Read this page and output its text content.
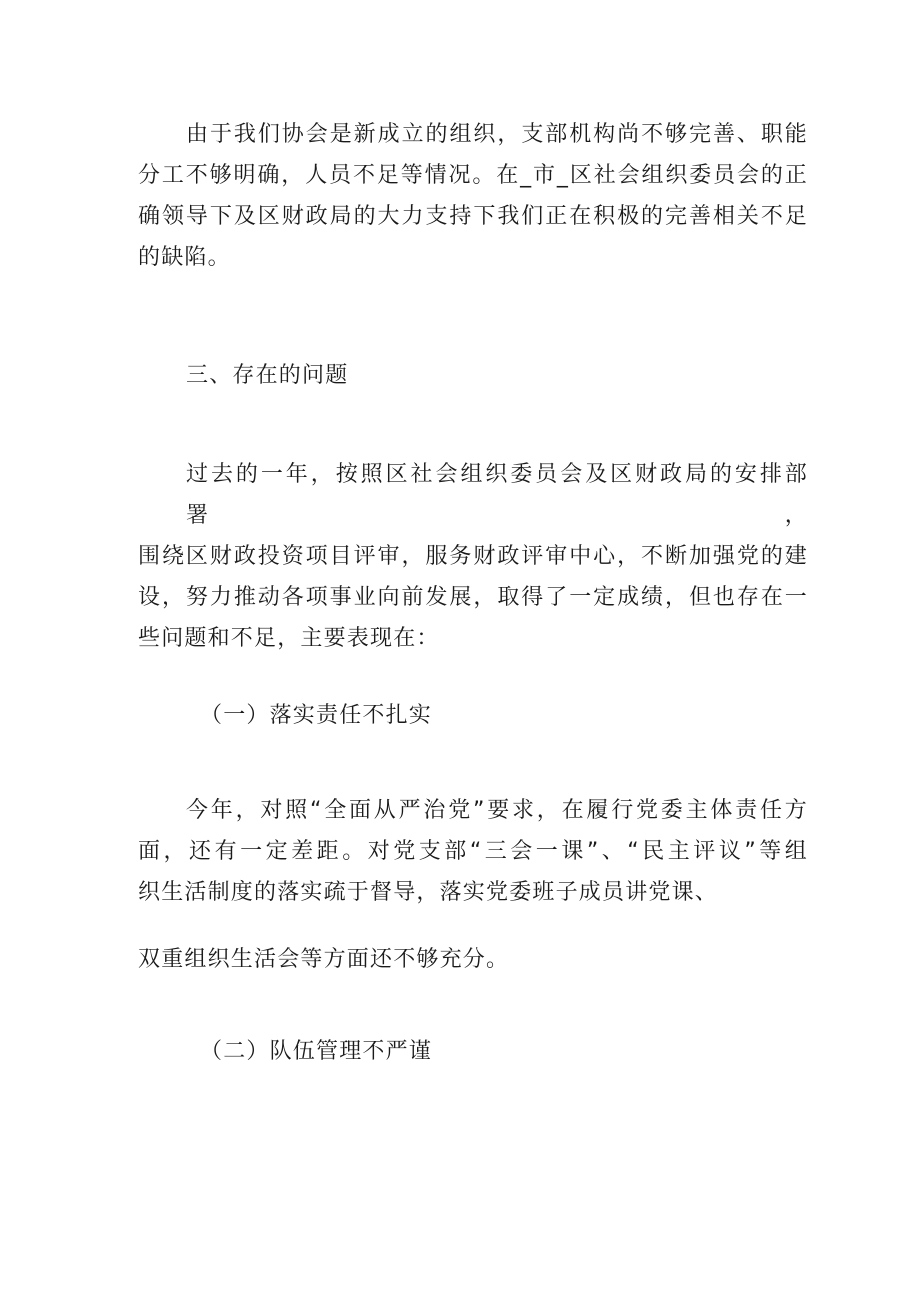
由于我们协会是新成立的组织，支部机构尚不够完善、职能
分工不够明确，人员不足等情况。在_市_区社会组织委员会的正
确领导下及区财政局的大力支持下我们正在积极的完善相关不足
的缺陷。
三、存在的问题
过去的一年，按照区社会组织委员会及区财政局的安排部署，
围绕区财政投资项目评审，服务财政评审中心，不断加强党的建
设，努力推动各项事业向前发展，取得了一定成绩，但也存在一
些问题和不足，主要表现在：
（一）落实责任不扎实
今年，对照“全面从严治党”要求，在履行党委主体责任方
面，还有一定差距。对党支部“三会一课”、“民主评议”等组
织生活制度的落实疏于督导，落实党委班子成员讲党课、
双重组织生活会等方面还不够充分。
（二）队伍管理不严谨
